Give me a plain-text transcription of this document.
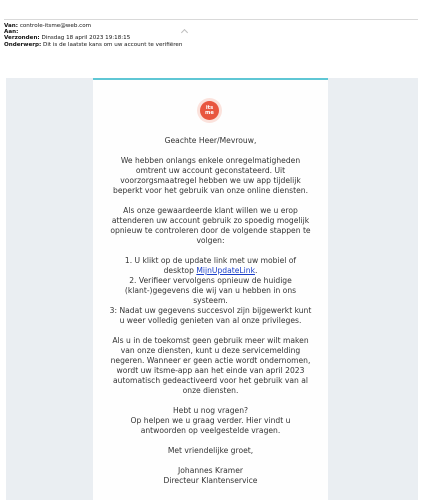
Van: controle-itsme@web.com
Aan:
Verzonden: Dinsdag 18 april 2023 19:18:15
Onderwerp: Dit is de laatste kans om uw account te verifiëren
its
me

Geachte Heer/Mevrouw,

We hebben onlangs enkele onregelmatigheden omtrent uw account geconstateerd. Uit voorzorgsmaatregel hebben we uw app tijdelijk beperkt voor het gebruik van onze online diensten.

Als onze gewaardeerde klant willen we u erop attenderen uw account gebruik zo spoedig mogelijk opnieuw te controleren door de volgende stappen te volgen:

1. U klikt op de update link met uw mobiel of desktop MijnUpdateLink.

2. Verifieer vervolgens opnieuw de huidige (klant-)gegevens die wij van u hebben in ons systeem.

3: Nadat uw gegevens succesvol zijn bijgewerkt kunt u weer volledig genieten van al onze privileges.

Als u in de toekomst geen gebruik meer wilt maken van onze diensten, kunt u deze servicemelding negeren. Wanneer er geen actie wordt ondernomen, wordt uw itsme-app aan het einde van april 2023 automatisch gedeactiveerd voor het gebruik van al onze diensten.

Hebt u nog vragen?

Op helpen we u graag verder. Hier vindt u antwoorden op veelgestelde vragen.

Met vriendelijke groet,

Johannes Kramer

Directeur Klantenservice
